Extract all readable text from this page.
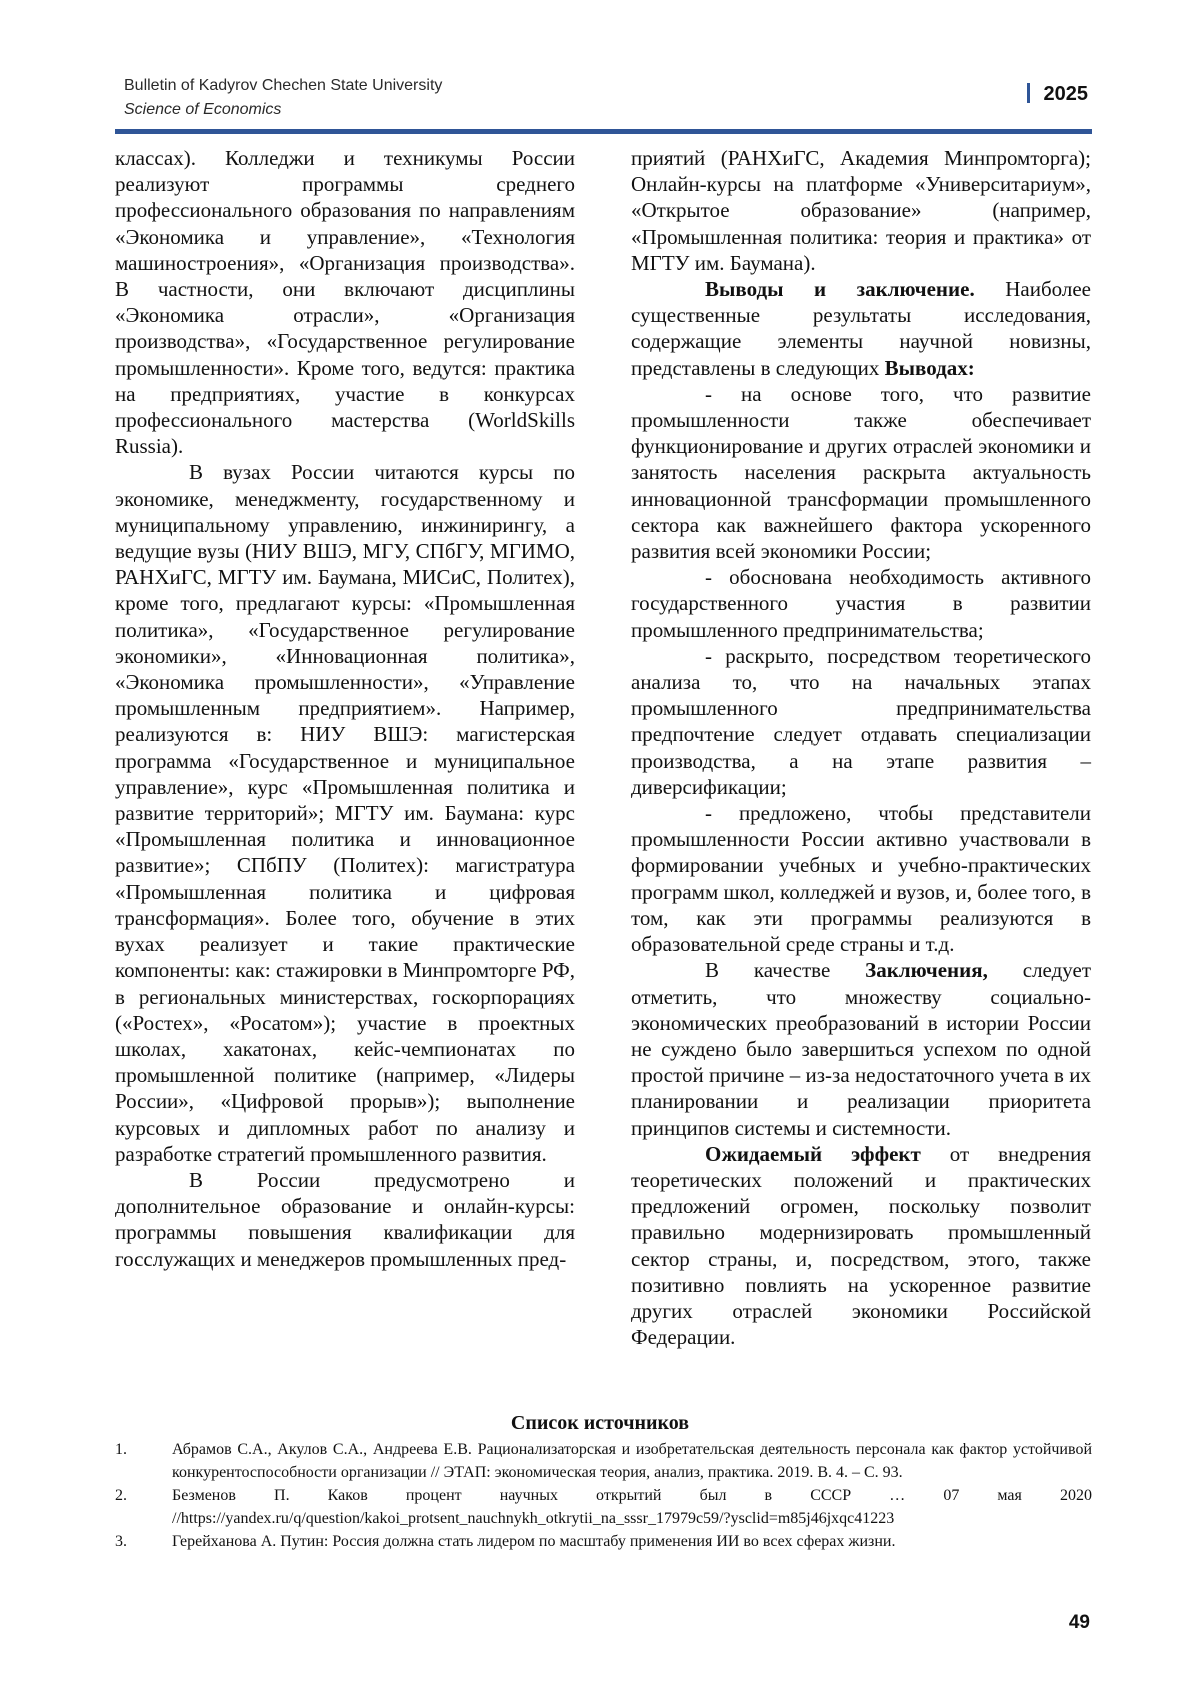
Bulletin of Kadyrov Chechen State University
Science of Economics
2025

классах). Колледжи и техникумы России реализуют программы среднего профессионального образования по направлениям «Экономика и управление», «Технология машиностроения», «Организация производства». В частности, они включают дисциплины «Экономика отрасли», «Организация производства», «Государственное регулирование промышленности». Кроме того, ведутся: практика на предприятиях, участие в конкурсах профессионального мастерства (WorldSkills Russia).

В вузах России читаются курсы по экономике, менеджменту, государственному и муниципальному управлению, инжинирингу, а ведущие вузы (НИУ ВШЭ, МГУ, СПбГУ, МГИМО, РАНХиГС, МГТУ им. Баумана, МИСиС, Политех), кроме того, предлагают курсы: «Промышленная политика», «Государственное регулирование экономики», «Инновационная политика», «Экономика промышленности», «Управление промышленным предприятием». Например, реализуются в: НИУ ВШЭ: магистерская программа «Государственное и муниципальное управление», курс «Промышленная политика и развитие территорий»; МГТУ им. Баумана: курс «Промышленная политика и инновационное развитие»; СПбПУ (Политех): магистратура «Промышленная политика и цифровая трансформация». Более того, обучение в этих вухах реализует и такие практические компоненты: как: стажировки в Минпромторге РФ, в региональных министерствах, госкорпорациях («Ростех», «Росатом»); участие в проектных школах, хакатонах, кейс-чемпионатах по промышленной политике (например, «Лидеры России», «Цифровой прорыв»); выполнение курсовых и дипломных работ по анализу и разработке стратегий промышленного развития.

В России предусмотрено и дополнительное образование и онлайн-курсы: программы повышения квалификации для госслужащих и менеджеров промышленных пред-

приятий (РАНХиГС, Академия Минпромторга); Онлайн-курсы на платформе «Университариум», «Открытое образование» (например, «Промышленная политика: теория и практика» от МГТУ им. Баумана).

Выводы и заключение. Наиболее существенные результаты исследования, содержащие элементы научной новизны, представлены в следующих Выводах:

- на основе того, что развитие промышленности также обеспечивает функционирование и других отраслей экономики и занятость населения раскрыта актуальность инновационной трансформации промышленного сектора как важнейшего фактора ускоренного развития всей экономики России;

- обоснована необходимость активного государственного участия в развитии промышленного предпринимательства;

- раскрыто, посредством теоретического анализа то, что на начальных этапах промышленного предпринимательства предпочтение следует отдавать специализации производства, а на этапе развития – диверсификации;

- предложено, чтобы представители промышленности России активно участвовали в формировании учебных и учебно-практических программ школ, колледжей и вузов, и, более того, в том, как эти программы реализуются в образовательной среде страны и т.д.

В качестве Заключения, следует отметить, что множеству социально-экономических преобразований в истории России не суждено было завершиться успехом по одной простой причине – из-за недостаточного учета в их планировании и реализации приоритета принципов системы и системности.

Ожидаемый эффект от внедрения теоретических положений и практических предложений огромен, поскольку позволит правильно модернизировать промышленный сектор страны, и, посредством, этого, также позитивно повлиять на ускоренное развитие других отраслей экономики Российской Федерации.

Список источников
1.	Абрамов С.А., Акулов С.А., Андреева Е.В. Рационализаторская и изобретательская деятельность персонала как фактор устойчивой конкурентоспособности организации // ЭТАП: экономическая теория, анализ, практика. 2019. В. 4. – С. 93.
2.	Безменов П. Каков процент научных открытий был в СССР … 07 мая 2020 //https://yandex.ru/q/question/kakoi_protsent_nauchnykh_otkrytii_na_sssr_17979c59/?ysclid=m85j46jxqc41223
3.	Герейханова А. Путин: Россия должна стать лидером по масштабу применения ИИ во всех сферах жизни.
49
